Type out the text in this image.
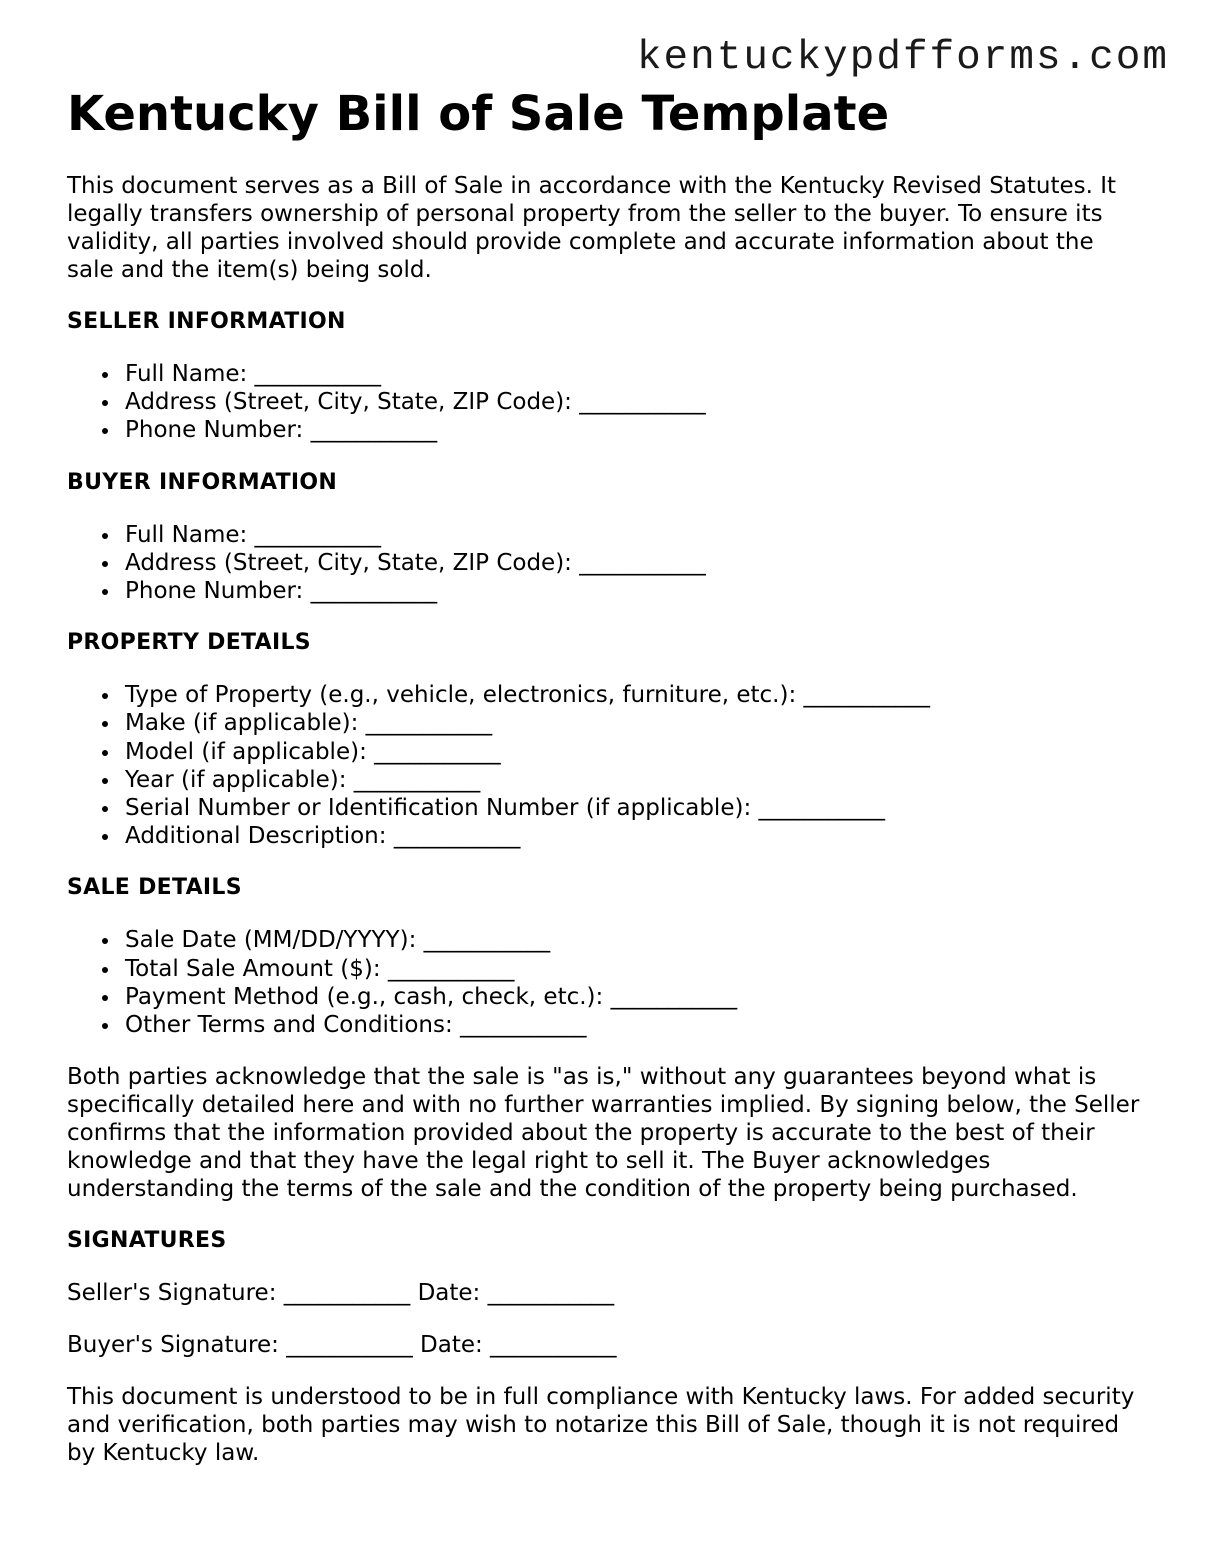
kentuckypdfforms.com
Kentucky Bill of Sale Template

This document serves as a Bill of Sale in accordance with the Kentucky Revised Statutes. It legally transfers ownership of personal property from the seller to the buyer. To ensure its validity, all parties involved should provide complete and accurate information about the sale and the item(s) being sold.

SELLER INFORMATION
Full Name: ___________
Address (Street, City, State, ZIP Code): ___________
Phone Number: ___________
BUYER INFORMATION
Full Name: ___________
Address (Street, City, State, ZIP Code): ___________
Phone Number: ___________
PROPERTY DETAILS
Type of Property (e.g., vehicle, electronics, furniture, etc.): ___________
Make (if applicable): ___________
Model (if applicable): ___________
Year (if applicable): ___________
Serial Number or Identification Number (if applicable): ___________
Additional Description: ___________
SALE DETAILS
Sale Date (MM/DD/YYYY): ___________
Total Sale Amount ($): ___________
Payment Method (e.g., cash, check, etc.): ___________
Other Terms and Conditions: ___________

Both parties acknowledge that the sale is "as is," without any guarantees beyond what is specifically detailed here and with no further warranties implied. By signing below, the Seller confirms that the information provided about the property is accurate to the best of their knowledge and that they have the legal right to sell it. The Buyer acknowledges understanding the terms of the sale and the condition of the property being purchased.

SIGNATURES
Seller's Signature: ___________ Date: ___________
Buyer's Signature: ___________ Date: ___________

This document is understood to be in full compliance with Kentucky laws. For added security and verification, both parties may wish to notarize this Bill of Sale, though it is not required by Kentucky law.
